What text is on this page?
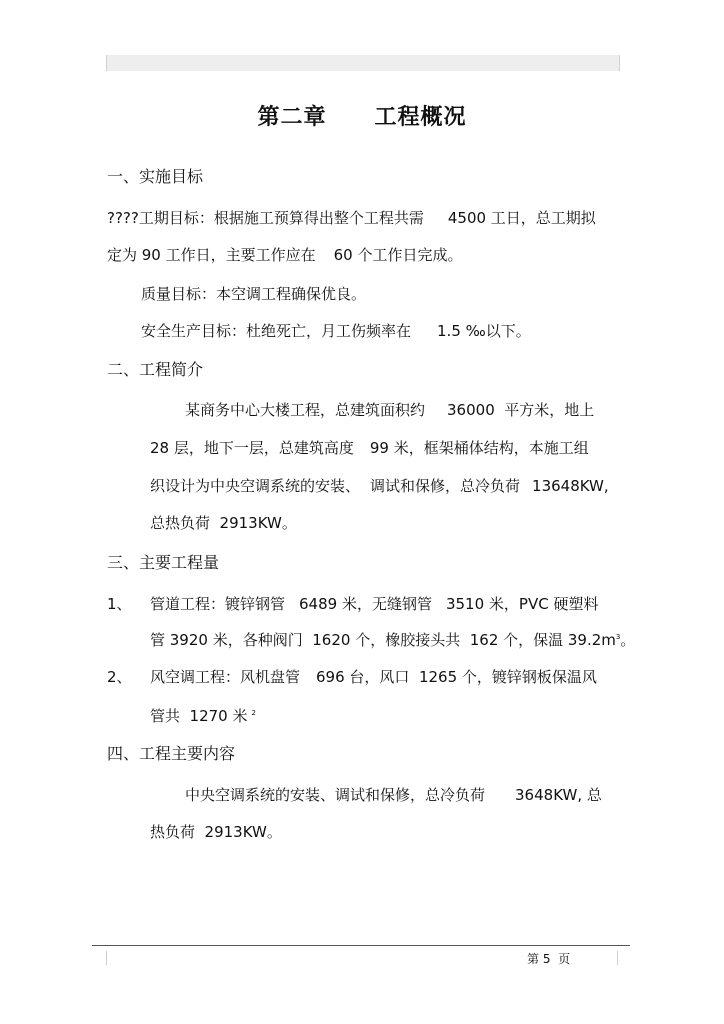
第二章 工程概况
一、实施目标
????工期目标：根据施工预算得出整个工程共需 4500 工日，总工期拟
定为 90 工作日，主要工作应在 60 个工作日完成。
质量目标：本空调工程确保优良。
安全生产目标：杜绝死亡，月工伤频率在 1.5 ‰以下。
二、工程简介
某商务中心大楼工程，总建筑面积约 36000  平方米，地上
28 层，地下一层，总建筑高度 99 米，框架桶体结构，本施工组
织设计为中央空调系统的安装、 调试和保修，总冷负荷 13648KW,
总热负荷  2913KW。
三、主要工程量
1、 管道工程：镀锌钢管 6489 米，无缝钢管 3510 米，PVC 硬塑料
管 3920 米，各种阀门  1620 个，橡胶接头共  162 个，保温 $39.2m^3$。
2、 风空调工程：风机盘管 696 台，风口  1265 个，镀锌钢板保温风
管共  1270 米 $^2$
四、工程主要内容
中央空调系统的安装、调试和保修，总冷负荷 3648KW, 总
热负荷  2913KW。
第 5  页
